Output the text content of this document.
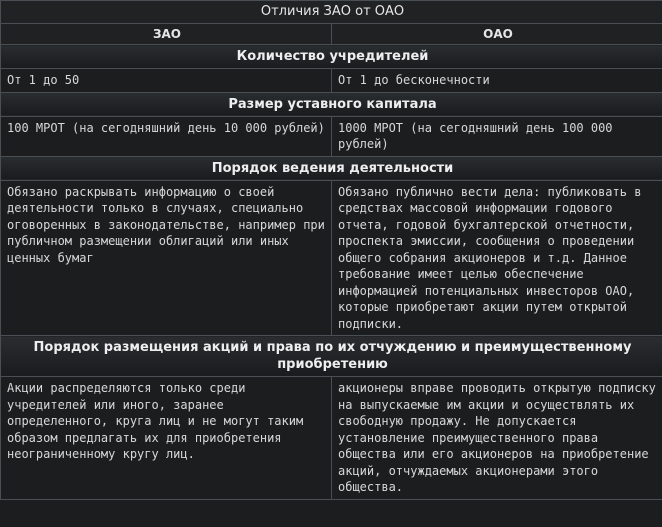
Отличия ЗАО от ОАО	
ЗАО	ОАО
Количество учредителей	
От 1 до 50	От 1 до бесконечности
Размер уставного капитала	
100 МРОТ (на сегодняшний день 10 000 рублей)	1000 МРОТ (на сегодняшний день 100 000 рублей)
Порядок ведения деятельности	
Обязано раскрывать информацию о своей деятельности только в случаях, специально оговоренных в законодательстве, например при публичном размещении облигаций или иных ценных бумаг	Обязано публично вести дела: публиковать в средствах массовой информации годового отчета, годовой бухгалтерской отчетности, проспекта эмиссии, сообщения о проведении общего собрания акционеров и т.д. Данное требование имеет целью обеспечение информацией потенциальных инвесторов ОАО, которые приобретают акции путем открытой подписки.
Порядок размещения акций и права по их отчуждению и преимущественному приобретению	
Акции распределяются только среди учредителей или иного, заранее определенного, круга лиц и не могут таким образом предлагать их для приобретения неограниченному кругу лиц.	акционеры вправе проводить открытую подписку на выпускаемые им акции и осуществлять их свободную продажу. Не допускается установление преимущественного права общества или его акционеров на приобретение акций, отчуждаемых акционерами этого общества.
